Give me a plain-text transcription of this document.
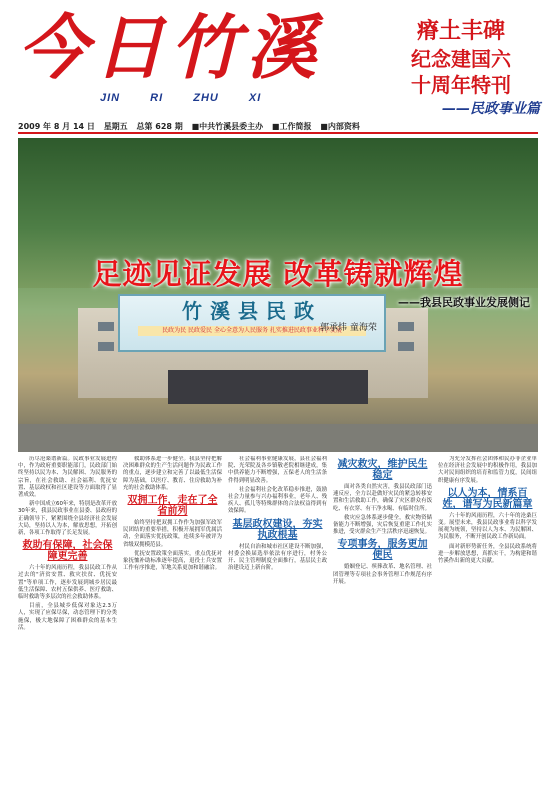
今日竹溪
JIN RI ZHU XI
瘠土丰碑
纪念建国六
十周年特刊
——民政事业篇
2009 年 8 月 14 日 星期五 总第 628 期 ■中共竹溪县委主办 ■工作简报 ■内部资料
竹溪县民政
民政为民 民政爱民 全心全意为人民服务 扎实推进民政事业科学发展
足迹见证发展 改革铸就辉煌
——我县民政事业发展侧记
郭承炜 童海荣

历尽沧桑谱新篇。民政事业发展进程中，作为政府重要职能部门，民政部门始终坚持以民为本、为民解困、为民服务的宗旨，在社会救助、社会福利、优抚安置、基层政权和社区建设等方面取得了显著成效。

新中国成立60年来，特别是改革开放30年来，我县民政事业在县委、县政府的正确领导下，紧紧围绕全县经济社会发展大局，坚持以人为本，解放思想，开拓创新，各项工作取得了长足发展。

救助有保障，社会保障更完善

六十年的风雨历程，我县民政工作从过去的"济贫安置、救灾扶贫、优抚安置"等单项工作，逐步发展到城乡居民最低生活保障、农村五保供养、医疗救助、临时救助等多层次的社会救助体系。

目前，全县城乡低保对象达2.3万人，实现了应保尽保，动态管理下的分类施保，极大地保障了困难群众的基本生活。

救助体系进一步健全。我县坚持把解决困难群众的生产生活问题作为民政工作的重点，逐步建立和完善了以最低生活保障为基础，以医疗、教育、住房救助为补充的社会救助体系。

双拥工作，走在了全省前列

始终坚持把双拥工作作为加强军政军民团结的重要举措，积极开展拥军优属活动，全面落实优抚政策，连续多年被评为省级双拥模范县。

优抚安置政策全面落实，重点优抚对象抚恤补助标准逐年提高，退役士兵安置工作有序推进，军地关系更加和谐融洽。

社会福利事业健康发展，县社会福利院、光荣院及各乡镇敬老院相继建成，集中供养能力不断增强，五保老人的生活条件得到明显改善。

社会福利社会化改革稳步推进，鼓励社会力量参与兴办福利事业，老年人、残疾人、孤儿等特殊群体的合法权益得到有效保障。

基层政权建设，夯实执政根基

村民自治和城市社区建设不断加强，村委会换届选举依法有序进行，村务公开、民主管理制度全面推行，基层民主政治建设迈上新台阶。

减灾救灾，维护民生稳定

面对各类自然灾害，我县民政部门迅速反应，全力以赴做好灾民的紧急转移安置和生活救助工作，确保了灾区群众有饭吃、有衣穿、有干净水喝、有临时住所。

救灾应急体系逐步健全，救灾物资储备能力不断增强，灾后恢复重建工作扎实推进，受灾群众生产生活秩序迅速恢复。

专项事务，服务更加便民

婚姻登记、殡葬改革、地名管理、社团管理等专项社会事务管理工作规范有序开展。

为充分发挥社会团体和民办非企业单位在经济社会发展中的积极作用，我县加大对民间组织的培育和监管力度，民间组织健康有序发展。

以人为本，情系百姓，谱写为民新篇章

六十年的风雨历程，六十年的沧桑巨变。展望未来，我县民政事业将以科学发展观为统领，坚持以人为本、为民解困、为民服务，不断开创民政工作新局面。

面对新形势新任务，全县民政系统将进一步解放思想，真抓实干，为构建和谐竹溪作出新的更大贡献。
